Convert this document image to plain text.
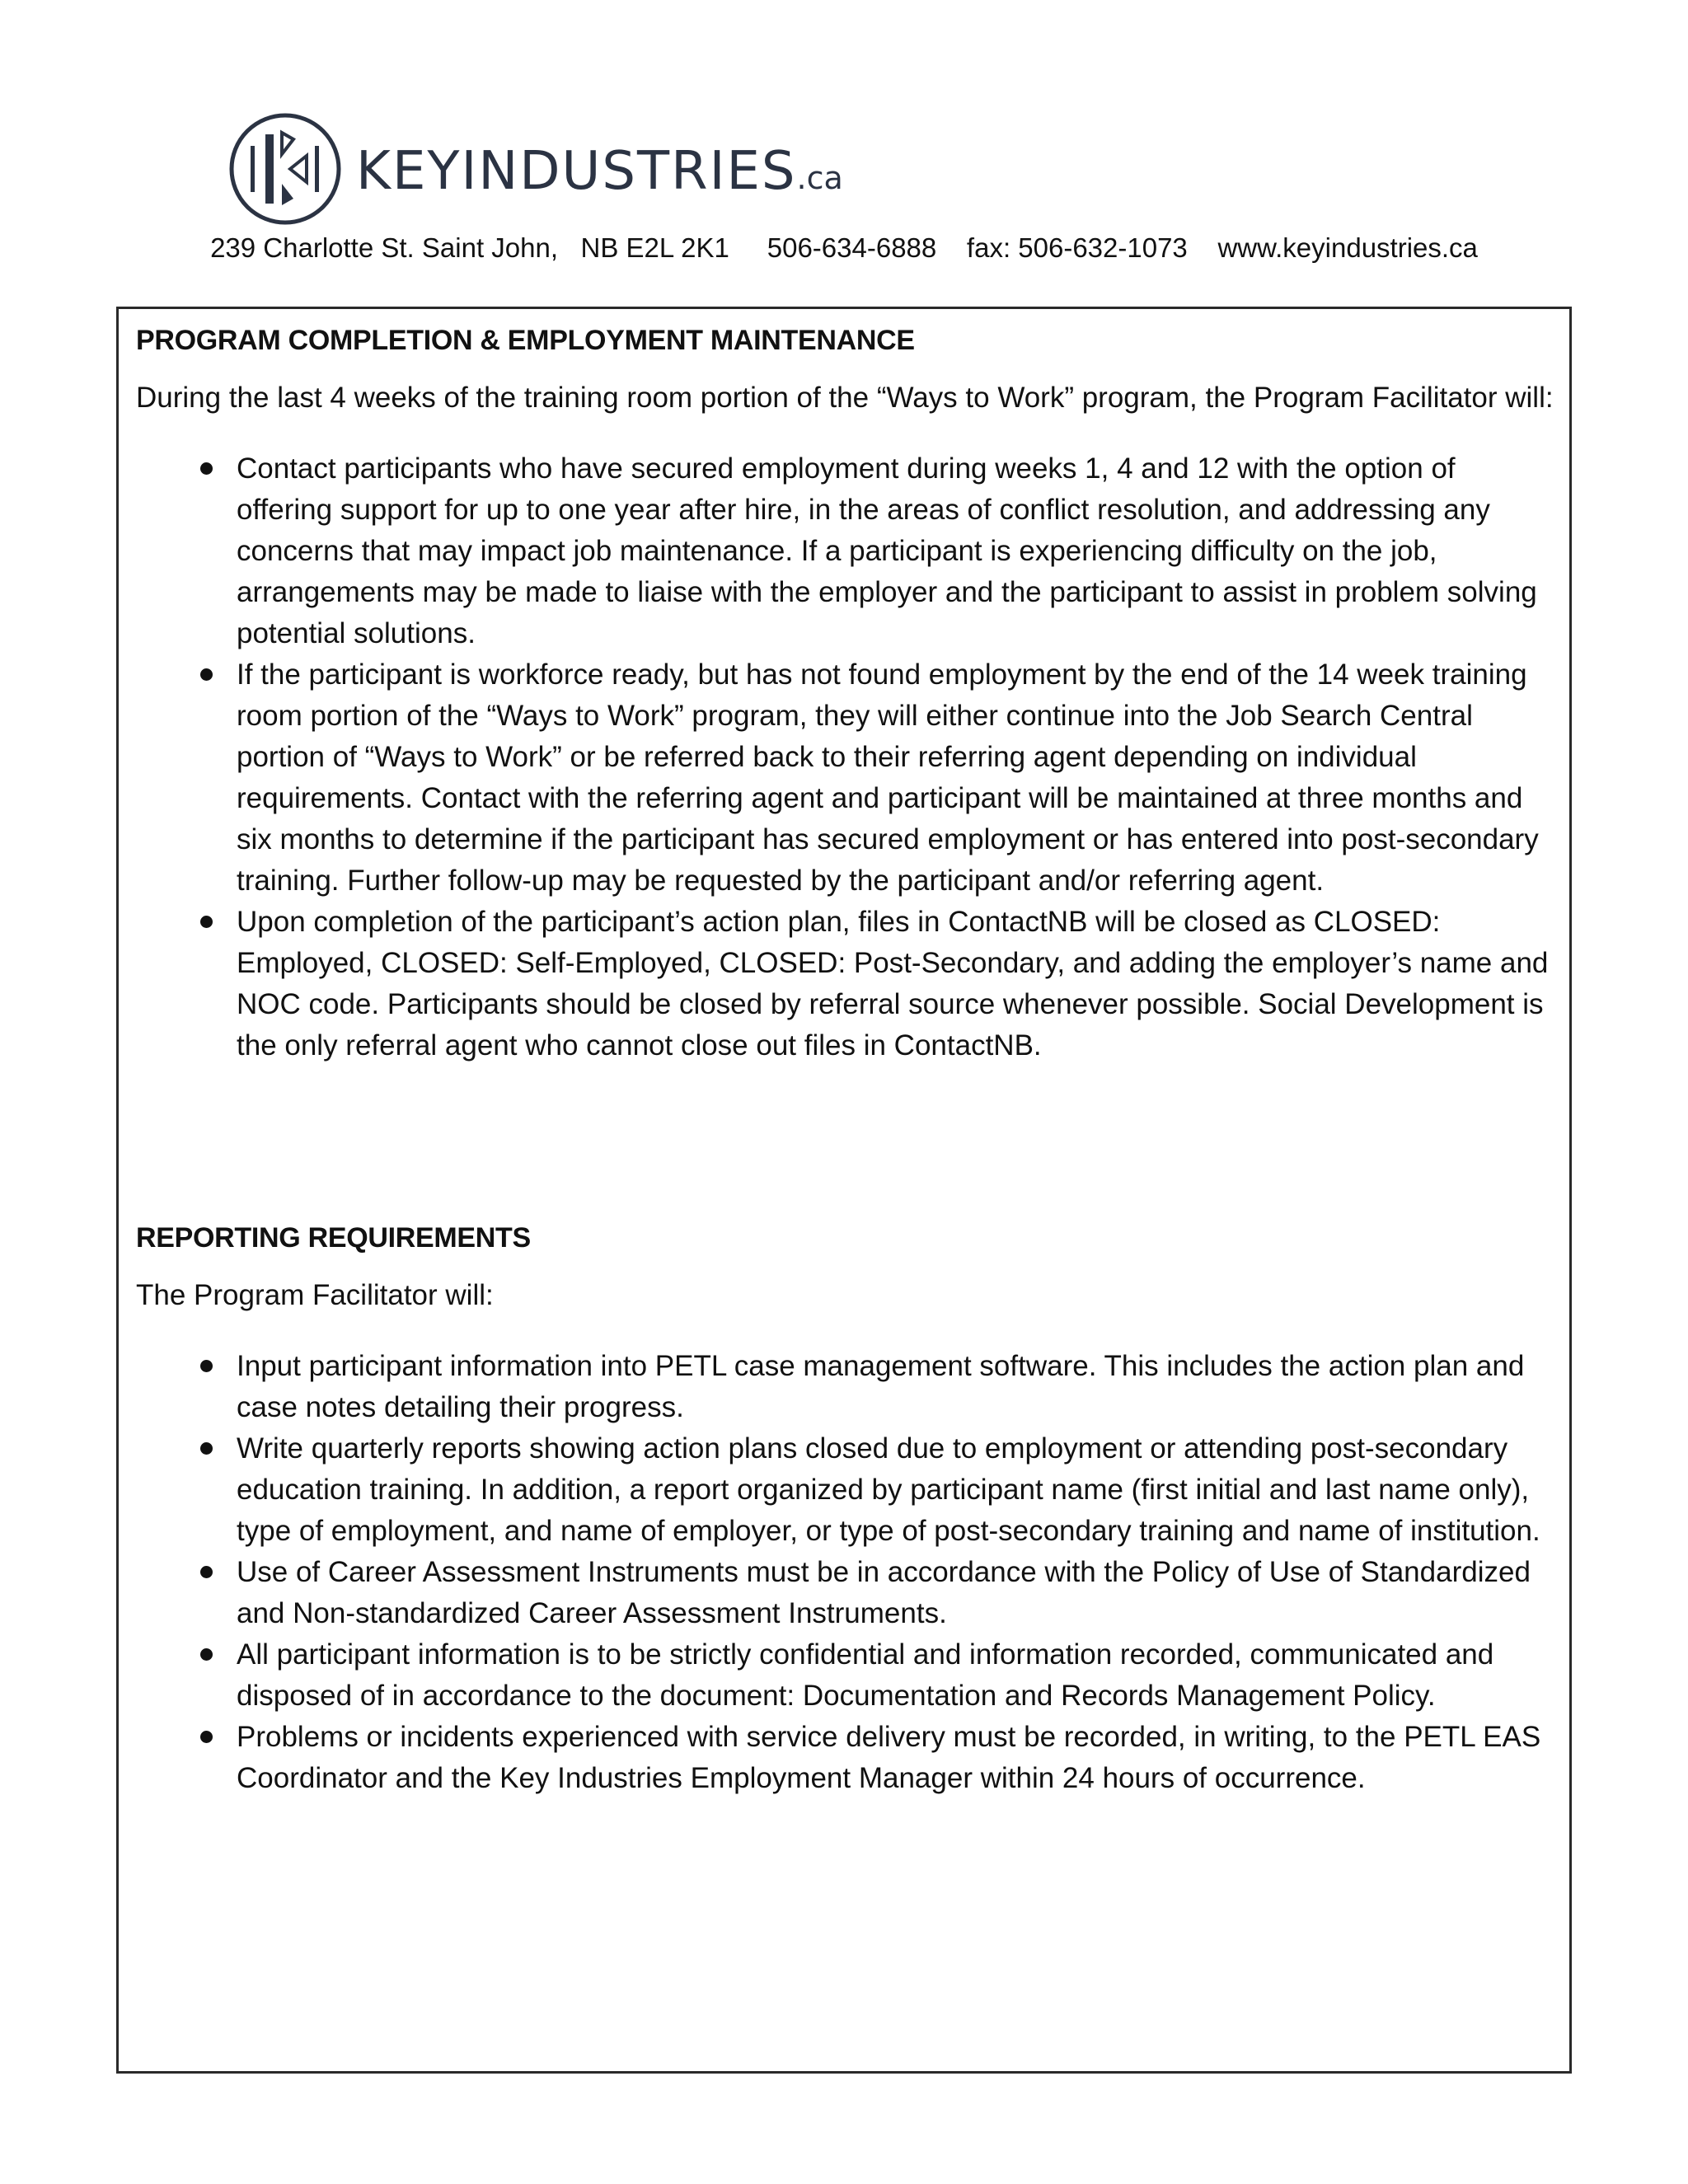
KEYINDUSTRIES.ca
239 Charlotte St. Saint John,   NB E2L 2K1     506-634-6888    fax: 506-632-1073    www.keyindustries.ca
PROGRAM COMPLETION & EMPLOYMENT MAINTENANCE
During the last 4 weeks of the training room portion of the “Ways to Work” program, the Program Facilitator will:
Contact participants who have secured employment during weeks 1, 4 and 12 with the option of offering support for up to one year after hire, in the areas of conflict resolution, and addressing any concerns that may impact job maintenance. If a participant is experiencing difficulty on the job, arrangements may be made to liaise with the employer and the participant to assist in problem solving potential solutions.
If the participant is workforce ready, but has not found employment by the end of the 14 week training room portion of the “Ways to Work” program, they will either continue into the Job Search Central portion of “Ways to Work” or be referred back to their referring agent depending on individual requirements. Contact with the referring agent and participant will be maintained at three months and six months to determine if the participant has secured employment or has entered into post-secondary training. Further follow-up may be requested by the participant and/or referring agent.
Upon completion of the participant’s action plan, files in ContactNB will be closed as CLOSED: Employed, CLOSED: Self-Employed, CLOSED: Post-Secondary, and adding the employer’s name and NOC code. Participants should be closed by referral source whenever possible. Social Development is the only referral agent who cannot close out files in ContactNB.
REPORTING REQUIREMENTS
The Program Facilitator will:
Input participant information into PETL case management software. This includes the action plan and case notes detailing their progress.
Write quarterly reports showing action plans closed due to employment or attending post-secondary education training. In addition, a report organized by participant name (first initial and last name only), type of employment, and name of employer, or type of post-secondary training and name of institution.
Use of Career Assessment Instruments must be in accordance with the Policy of Use of Standardized and Non-standardized Career Assessment Instruments.
All participant information is to be strictly confidential and information recorded, communicated and disposed of in accordance to the document: Documentation and Records Management Policy.
Problems or incidents experienced with service delivery must be recorded, in writing, to the PETL EAS Coordinator and the Key Industries Employment Manager within 24 hours of occurrence.
